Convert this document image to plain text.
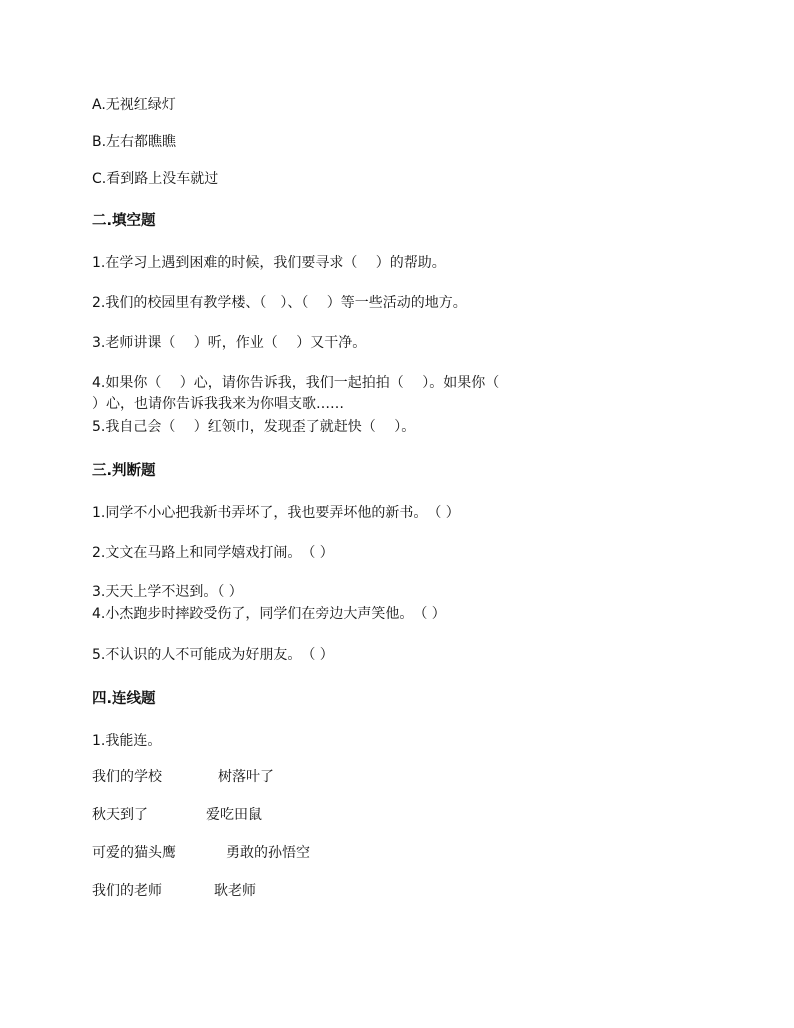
A.无视红绿灯
B.左右都瞧瞧
C.看到路上没车就过
二.填空题
1.在学习上遇到困难的时候，我们要寻求（　 ）的帮助。
2.我们的校园里有教学楼、（　）、（　 ）等一些活动的地方。
3.老师讲课（　 ）听，作业（　 ）又干净。
4.如果你（　 ）心，请你告诉我，我们一起拍拍（　 ）。如果你（
）心，也请你告诉我我来为你唱支歌……
5.我自己会（　 ）红领巾，发现歪了就赶快（　 ）。
三.判断题
1.同学不小心把我新书弄坏了，我也要弄坏他的新书。　（ ）
2.文文在马路上和同学嬉戏打闹。　（ ）
3.天天上学不迟到。（ ）
4.小杰跑步时摔跤受伤了，同学们在旁边大声笑他。　（ ）
5.不认识的人不可能成为好朋友。　（ ）
四.连线题
1.我能连。
我们的学校	树落叶了
秋天到了	爱吃田鼠
可爱的猫头鹰	勇敢的孙悟空
我们的老师	耿老师
